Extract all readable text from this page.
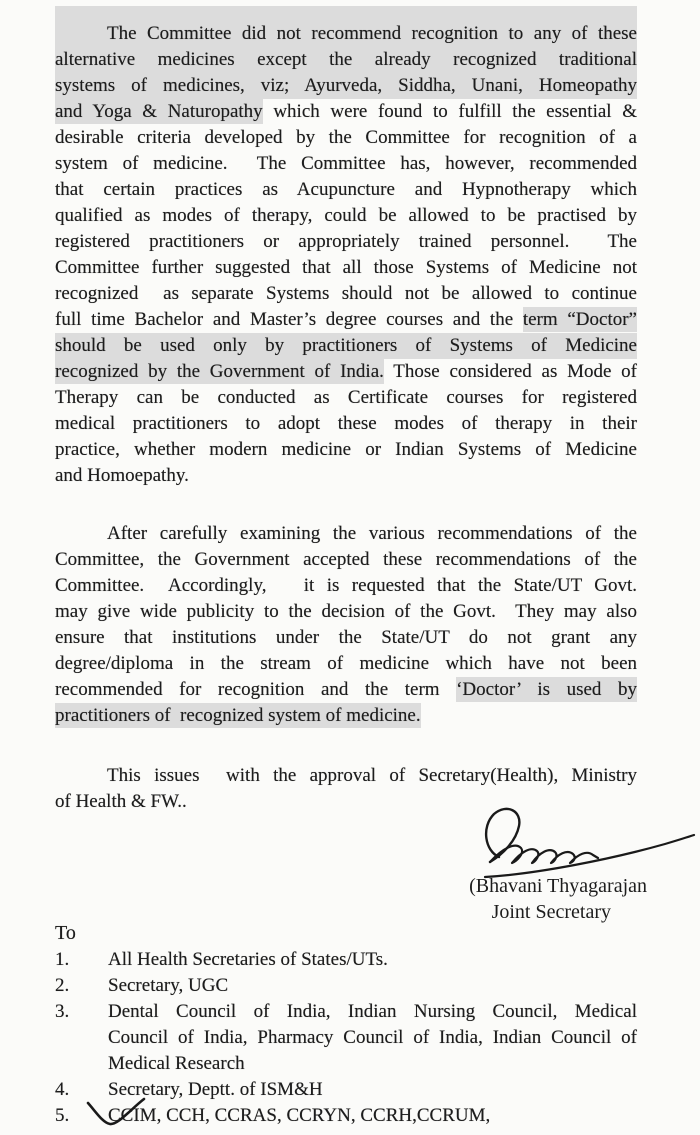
The Committee did not recommend recognition to any of these
alternative medicines except the already recognized traditional
systems of medicines, viz; Ayurveda, Siddha, Unani, Homeopathy
and Yoga & Naturopathy which were found to fulfill the essential &
desirable criteria developed by the Committee for recognition of a
system of medicine.  The Committee has, however, recommended
that certain practices as Acupuncture and Hypnotherapy which
qualified as modes of therapy, could be allowed to be practised by
registered practitioners or appropriately trained personnel.  The
Committee further suggested that all those Systems of Medicine not
recognized  as separate Systems should not be allowed to continue
full time Bachelor and Master’s degree courses and the term “Doctor”
should be used only by practitioners of Systems of Medicine
recognized by the Government of India. Those considered as Mode of
Therapy can be conducted as Certificate courses for registered
medical practitioners to adopt these modes of therapy in their
practice, whether modern medicine or Indian Systems of Medicine
and Homoepathy.
After carefully examining the various recommendations of the
Committee, the Government accepted these recommendations of the
Committee.  Accordingly,   it is requested that the State/UT Govt.
may give wide publicity to the decision of the Govt.  They may also
ensure that institutions under the State/UT do not grant any
degree/diploma in the stream of medicine which have not been
recommended for recognition and the term ‘Doctor’ is used by
practitioners of  recognized system of medicine.
This issues  with the approval of Secretary(Health), Ministry
of Health & FW..
(Bhavani Thyagarajan
Joint Secretary
To
1.	All Health Secretaries of States/UTs.
2.	Secretary, UGC
3.	Dental Council of India, Indian Nursing Council, Medical
Council of India, Pharmacy Council of India, Indian Council of
Medical Research
4.	Secretary, Deptt. of ISM&H
5.	CCIM, CCH, CCRAS, CCRYN, CCRH,CCRUM,
